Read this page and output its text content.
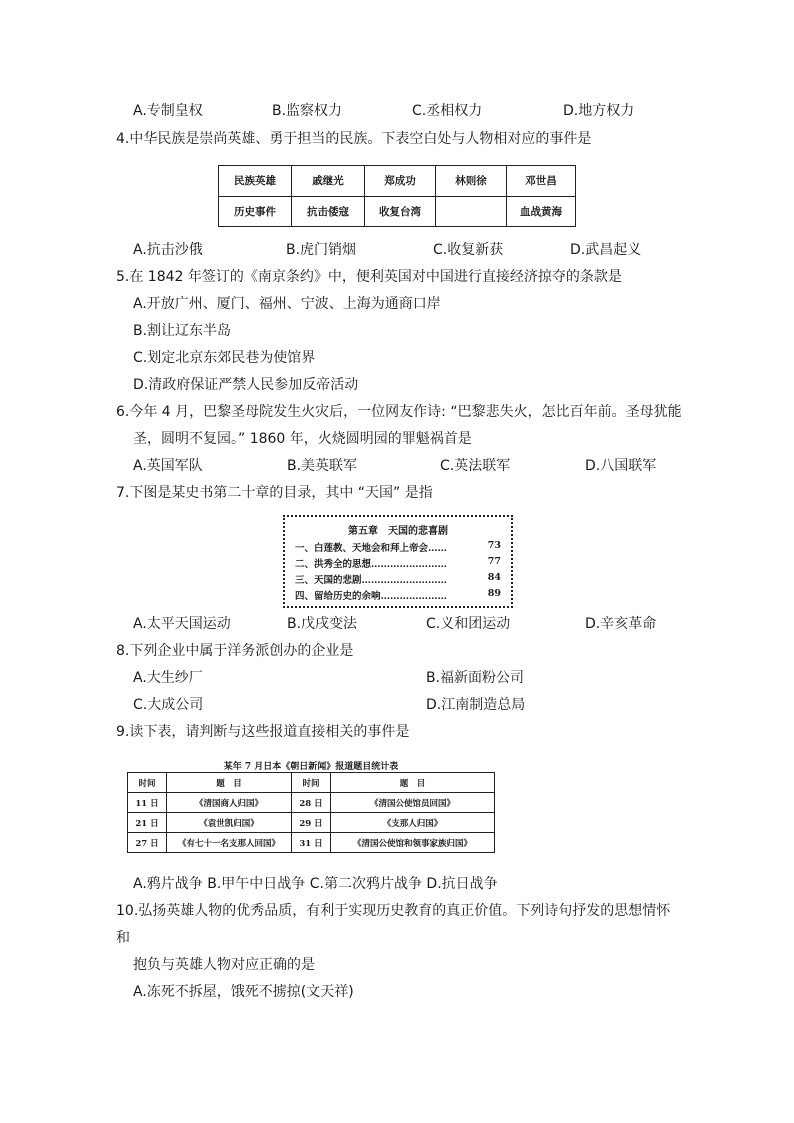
A.专制皇权	B.监察权力	C.丞相权力	D.地方权力
4.中华民族是崇尚英雄、勇于担当的民族。下表空白处与人物相对应的事件是
民族英雄	戚继光	郑成功	林则徐	邓世昌
历史事件	抗击倭寇	收复台湾		血战黄海
A.抗击沙俄	B.虎门销烟	C.收复新获	D.武昌起义
5.在 1842 年签订的《南京条约》中，便利英国对中国进行直接经济掠夺的条款是
A.开放广州、厦门、福州、宁波、上海为通商口岸
B.割让辽东半岛
C.划定北京东郊民巷为使馆界
D.清政府保证严禁人民参加反帝活动
6.今年 4 月，巴黎圣母院发生火灾后，一位网友作诗: “巴黎悲失火，怎比百年前。圣母犹能
圣，圆明不复园。” 1860 年，火烧圆明园的罪魁祸首是
A.英国军队	B.美英联军	C.英法联军	D.八国联军
7.下图是某史书第二十章的目录，其中 “天国” 是指
第五章　天国的悲喜剧
一、白莲教、天地会和拜上帝会……	73
二、洪秀全的思想……………………	77
三、天国的悲剧………………………	84
四、留给历史的余响…………………	89
A.太平天国运动	B.戊戌变法	C.义和团运动	D.辛亥革命
8.下列企业中属于洋务派创办的企业是
A.大生纱厂	B.福新面粉公司
C.大成公司	D.江南制造总局
9.读下表，请判断与这些报道直接相关的事件是
某年 7 月日本《朝日新闻》报道题目统计表
时间	题　目	时间	题　目
11 日	《清国商人归国》	28 日	《清国公使馆员回国》
21 日	《袁世凯归国》	29 日	《支那人归国》
27 日	《有七十一名支那人回国》	31 日	《清国公使馆和领事家族归国》
A.鸦片战争 B.甲午中日战争 C.第二次鸦片战争 D.抗日战争
10.弘扬英雄人物的优秀品质，有利于实现历史教育的真正价值。下列诗句抒发的思想情怀
和
抱负与英雄人物对应正确的是
A.冻死不拆屋，饿死不掳掠(文天祥)
